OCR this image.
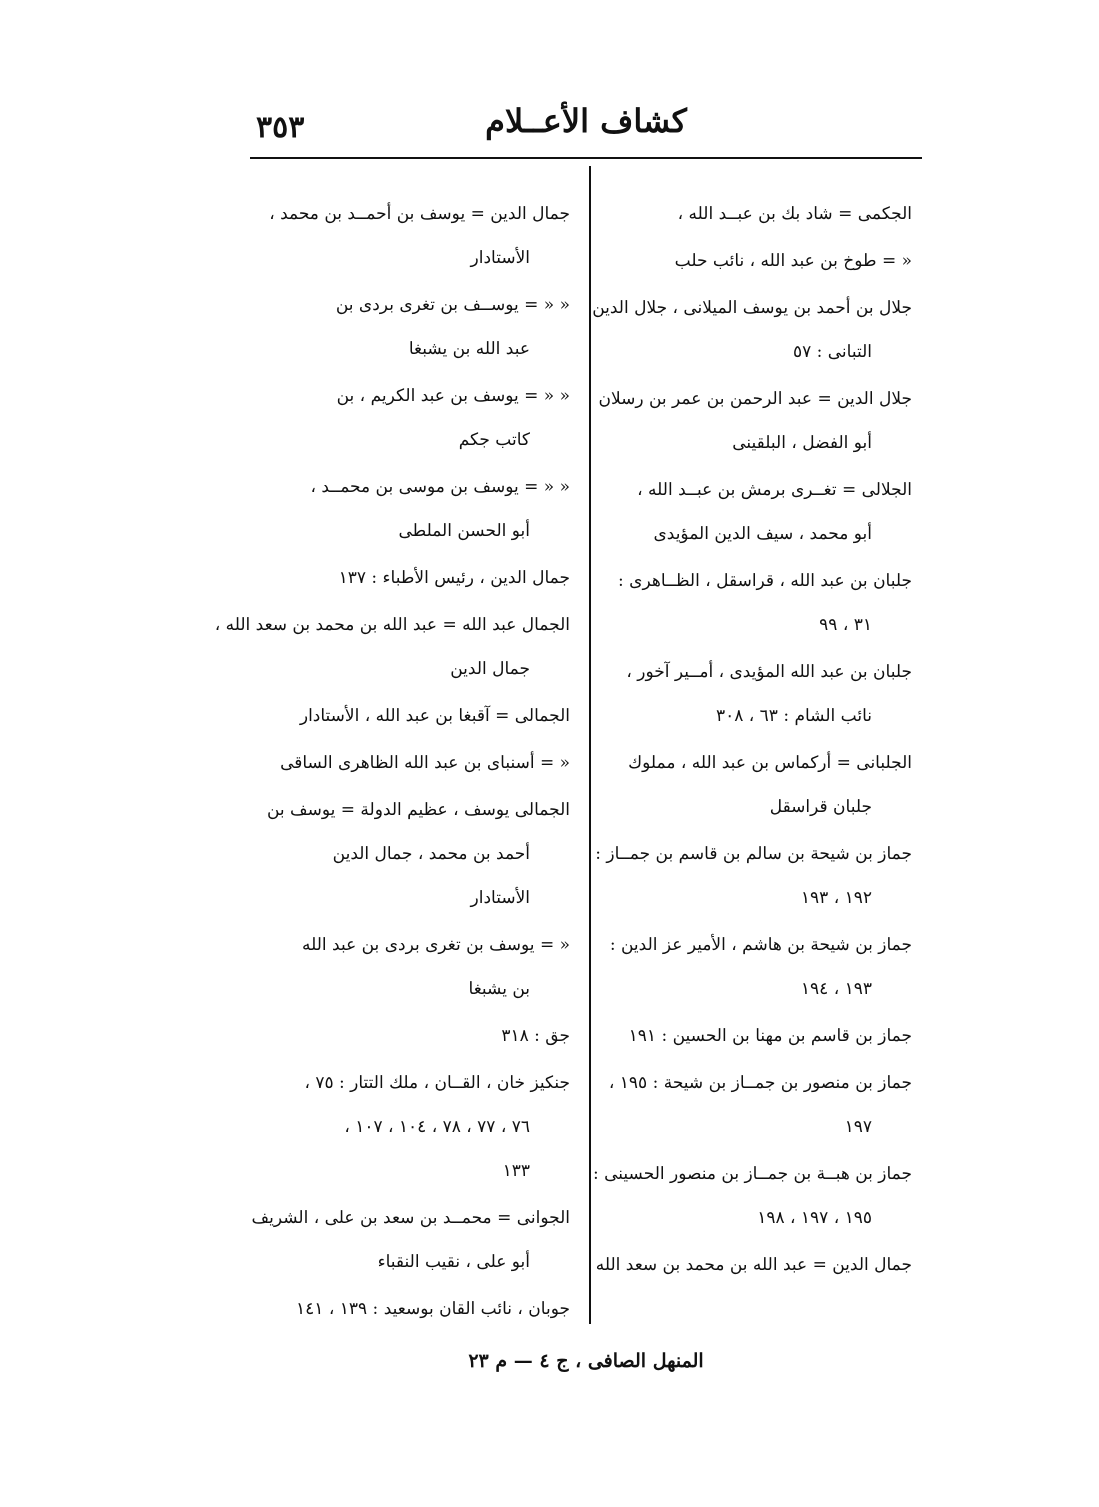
٣٥٣	كشاف الأعــلام
الجكمى = شاد بك بن عبــد الله ،
« = طوخ بن عبد الله ، نائب حلب
جلال بن أحمد بن يوسف الميلانى ، جلال الدين
التبانى : ٥٧
جلال الدين = عبد الرحمن بن عمر بن رسلان
أبو الفضل ، البلقينى
الجلالى = تغــرى برمش بن عبــد الله ،
أبو محمد ، سيف الدين المؤيدى
جلبان بن عبد الله ، قراسقل ، الظــاهرى :
٣١ ، ٩٩
جلبان بن عبد الله المؤيدى ، أمــير آخور ،
نائب الشام : ٦٣ ، ٣٠٨
الجلبانى = أركماس بن عبد الله ، مملوك
جلبان قراسقل
جماز بن شيحة بن سالم بن قاسم بن جمــاز :
١٩٢ ، ١٩٣
جماز بن شيحة بن هاشم ، الأمير عز الدين :
١٩٣ ، ١٩٤
جماز بن قاسم بن مهنا بن الحسين : ١٩١
جماز بن منصور بن جمــاز بن شيحة : ١٩٥ ،
١٩٧
جماز بن هبــة بن جمــاز بن منصور الحسينى :
١٩٥ ، ١٩٧ ، ١٩٨
جمال الدين = عبد الله بن محمد بن سعد الله
جمال الدين = يوسف بن أحمــد بن محمد ،
الأستادار
« « = يوســف بن تغرى بردى بن
عبد الله بن يشبغا
« « = يوسف بن عبد الكريم ، بن
كاتب جكم
« « = يوسف بن موسى بن محمــد ،
أبو الحسن الملطى
جمال الدين ، رئيس الأطباء : ١٣٧
الجمال عبد الله = عبد الله بن محمد بن سعد الله ،
جمال الدين
الجمالى = آقبغا بن عبد الله ، الأستادار
« = أسنباى بن عبد الله الظاهرى الساقى
الجمالى يوسف ، عظيم الدولة = يوسف بن
أحمد بن محمد ، جمال الدين
الأستادار
« = يوسف بن تغرى بردى بن عبد الله
بن يشبغا
جق : ٣١٨
جنكيز خان ، القــان ، ملك التتار : ٧٥ ،
٧٦ ، ٧٧ ، ٧٨ ، ١٠٤ ، ١٠٧ ،
١٣٣
الجوانى = محمــد بن سعد بن على ، الشريف
أبو على ، نقيب النقباء
جوبان ، نائب القان بوسعيد : ١٣٩ ، ١٤١
المنهل الصافى ، ج ٤ — م ٢٣
